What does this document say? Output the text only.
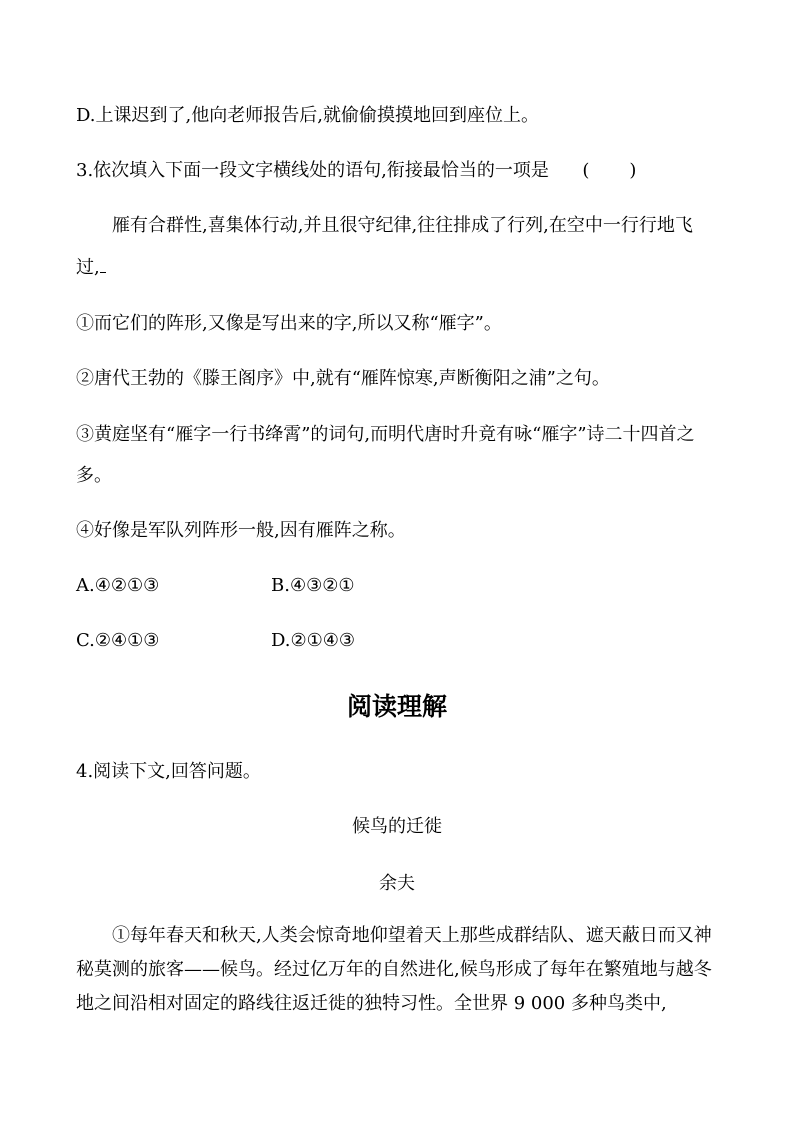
D.上课迟到了,他向老师报告后,就偷偷摸摸地回到座位上。
3.依次填入下面一段文字横线处的语句,衔接最恰当的一项是 ( )
雁有合群性,喜集体行动,并且很守纪律,往往排成了行列,在空中一行行地飞
过,
①而它们的阵形,又像是写出来的字,所以又称“雁字”。
②唐代王勃的《滕王阁序》中,就有“雁阵惊寒,声断衡阳之浦”之句。
③黄庭坚有“雁字一行书绛霄”的词句,而明代唐时升竟有咏“雁字”诗二十四首之
多。
④好像是军队列阵形一般,因有雁阵之称。
A.④②①③	B.④③②①
C.②④①③	D.②①④③
阅读理解
4.阅读下文,回答问题。
候鸟的迁徙
余夫
①每年春天和秋天,人类会惊奇地仰望着天上那些成群结队、遮天蔽日而又神秘莫测的旅客——候鸟。经过亿万年的自然进化,候鸟形成了每年在繁殖地与越冬地之间沿相对固定的路线往返迁徙的独特习性。全世界 9 000 多种鸟类中,
